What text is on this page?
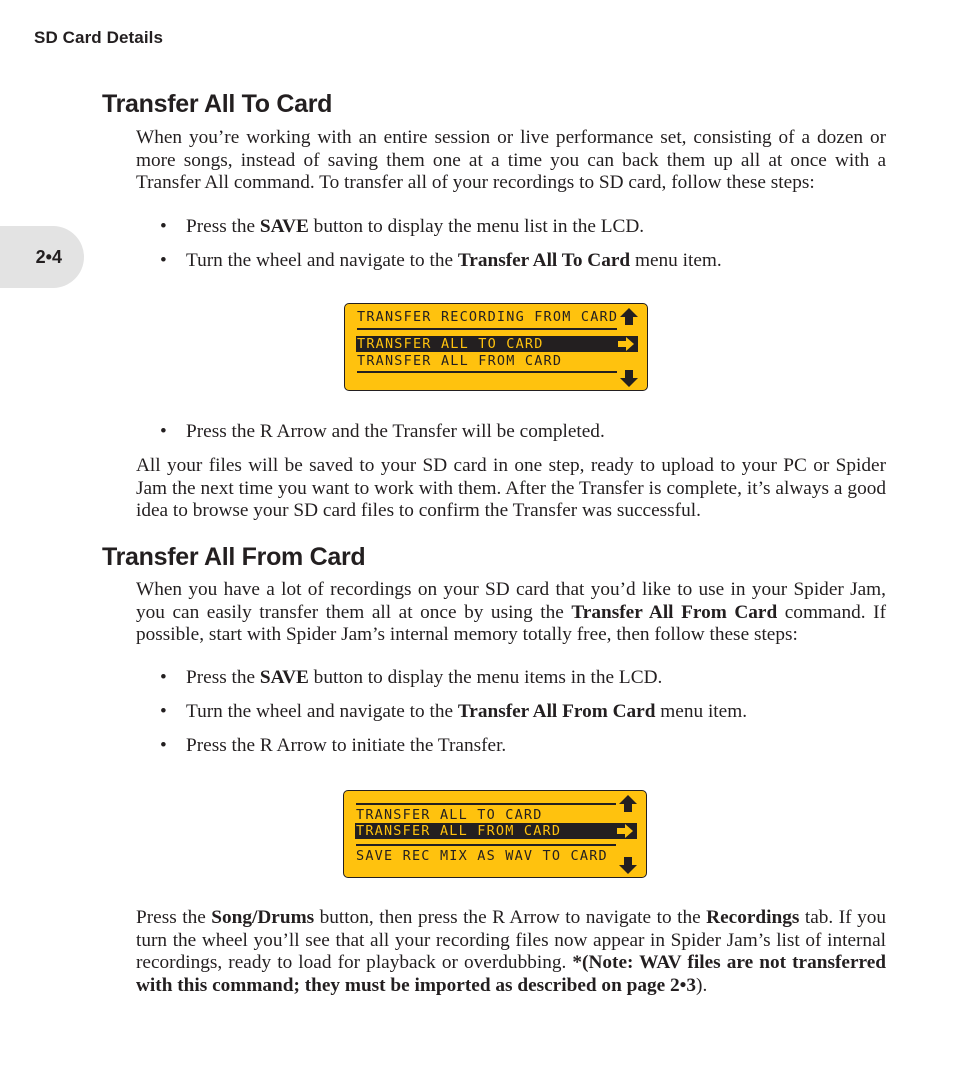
SD Card Details
2•4
Transfer All To Card
When you’re working with an entire session or live performance set, consisting of a dozen or more songs, instead of saving them one at a time you can back them up all at once with a Transfer All command. To transfer all of your recordings to SD card, follow these steps:
• Press the SAVE button to display the menu list in the LCD.
• Turn the wheel and navigate to the Transfer All To Card menu item.
TRANSFER RECORDING FROM CARD
TRANSFER ALL TO CARD
TRANSFER ALL FROM CARD
• Press the R Arrow and the Transfer will be completed.
All your files will be saved to your SD card in one step, ready to upload to your PC or Spider Jam the next time you want to work with them. After the Transfer is complete, it’s always a good idea to browse your SD card files to confirm the Transfer was successful.
Transfer All From Card
When you have a lot of recordings on your SD card that you’d like to use in your Spider Jam, you can easily transfer them all at once by using the Transfer All From Card command. If possible, start with Spider Jam’s internal memory totally free, then follow these steps:
• Press the SAVE button to display the menu items in the LCD.
• Turn the wheel and navigate to the Transfer All From Card menu item.
• Press the R Arrow to initiate the Transfer.
TRANSFER ALL TO CARD
TRANSFER ALL FROM CARD
SAVE REC MIX AS WAV TO CARD
Press the Song/Drums button, then press the R Arrow to navigate to the Recordings tab. If you turn the wheel you’ll see that all your recording files now appear in Spider Jam’s list of internal recordings, ready to load for playback or overdubbing. *(Note: WAV files are not transferred with this command; they must be imported as described on page 2•3).
